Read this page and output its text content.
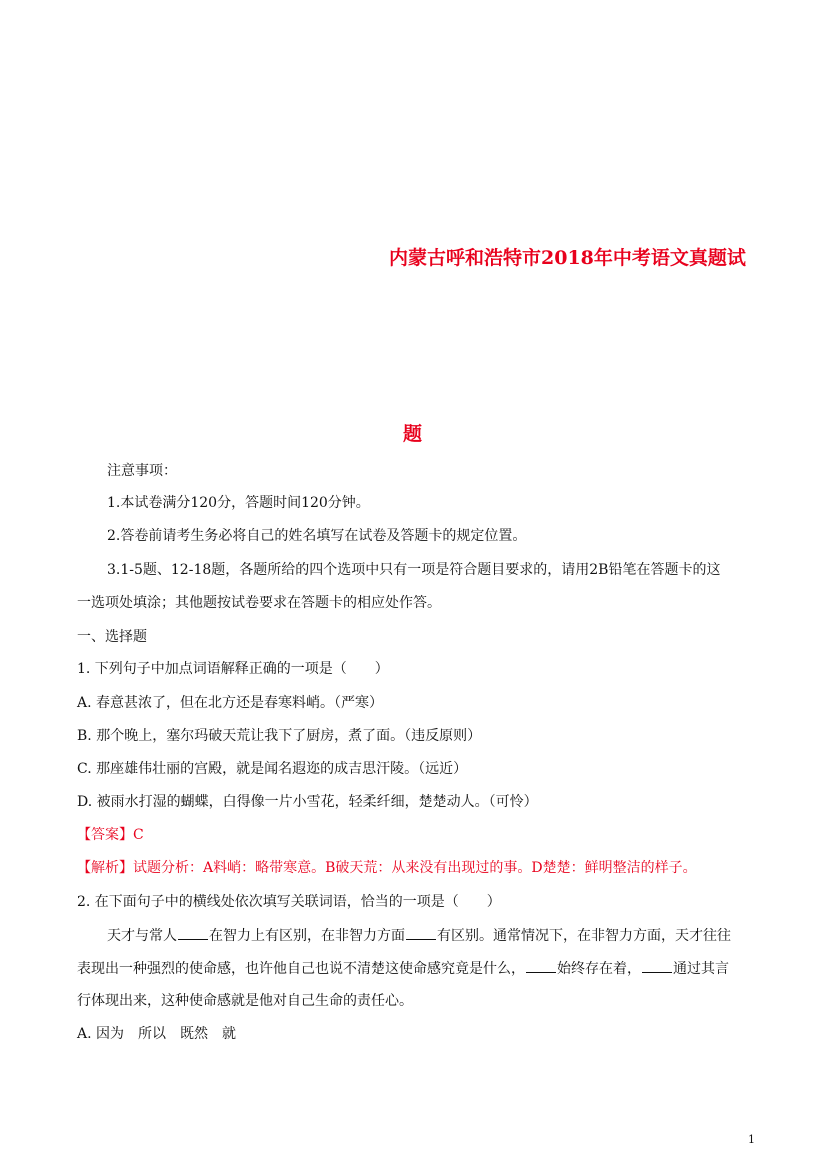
内蒙古呼和浩特市2018年中考语文真题试
题
注意事项：
1.本试卷满分120分，答题时间120分钟。
2.答卷前请考生务必将自己的姓名填写在试卷及答题卡的规定位置。
3.1-5题、12-18题，各题所给的四个选项中只有一项是符合题目要求的，请用2B铅笔在答题卡的这
一选项处填涂；其他题按试卷要求在答题卡的相应处作答。
一、选择题
1. 下列句子中加点词语解释正确的一项是（　　）
A. 春意甚浓了，但在北方还是春寒料峭。（严寒）
B. 那个晚上，塞尔玛破天荒让我下了厨房，煮了面。（违反原则）
C. 那座雄伟壮丽的宫殿，就是闻名遐迩的成吉思汗陵。（远近）
D. 被雨水打湿的蝴蝶，白得像一片小雪花，轻柔纤细，楚楚动人。（可怜）
【答案】C
【解析】试题分析：A料峭：略带寒意。B破天荒：从来没有出现过的事。D楚楚：鲜明整洁的样子。
2. 在下面句子中的横线处依次填写关联词语，恰当的一项是（　　）
天才与常人 在智力上有区别，在非智力方面 有区别。通常情况下，在非智力方面，天才往往
表现出一种强烈的使命感，也许他自己也说不清楚这使命感究竟是什么， 始终存在着， 通过其言
行体现出来，这种使命感就是他对自己生命的责任心。
A. 因为　所以　既然　就
1
